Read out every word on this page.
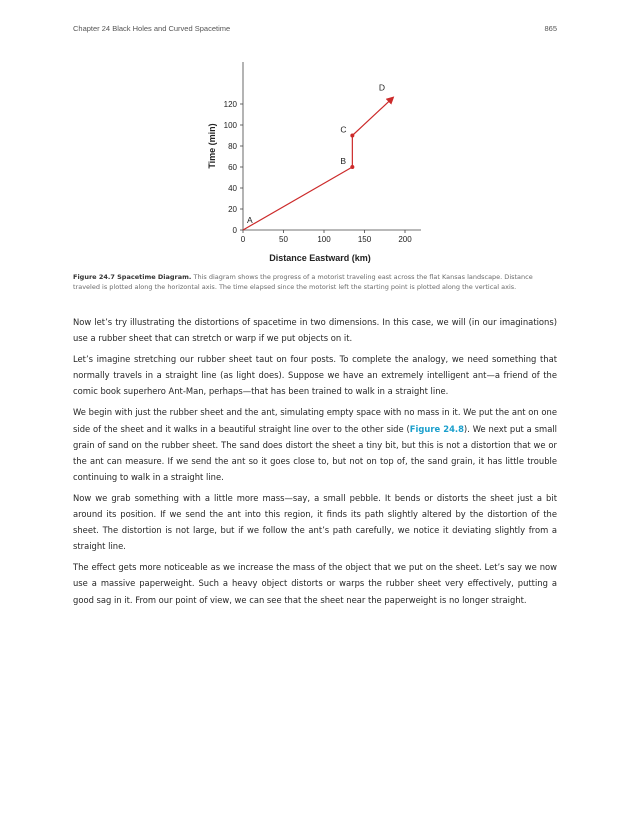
Chapter 24 Black Holes and Curved Spacetime	865
0	50	100	150	200
0
20
40
60
80
100
120
A
B
C
D
Distance Eastward (km)
Time (min)
Figure 24.7 Spacetime Diagram. This diagram shows the progress of a motorist traveling east across the flat Kansas landscape. Distance traveled is plotted along the horizontal axis. The time elapsed since the motorist left the starting point is plotted along the vertical axis.

Now let’s try illustrating the distortions of spacetime in two dimensions. In this case, we will (in our imaginations) use a rubber sheet that can stretch or warp if we put objects on it.

Let’s imagine stretching our rubber sheet taut on four posts. To complete the analogy, we need something that normally travels in a straight line (as light does). Suppose we have an extremely intelligent ant—a friend of the comic book superhero Ant-Man, perhaps—that has been trained to walk in a straight line.

We begin with just the rubber sheet and the ant, simulating empty space with no mass in it. We put the ant on one side of the sheet and it walks in a beautiful straight line over to the other side (Figure 24.8). We next put a small grain of sand on the rubber sheet. The sand does distort the sheet a tiny bit, but this is not a distortion that we or the ant can measure. If we send the ant so it goes close to, but not on top of, the sand grain, it has little trouble continuing to walk in a straight line.

Now we grab something with a little more mass—say, a small pebble. It bends or distorts the sheet just a bit around its position. If we send the ant into this region, it finds its path slightly altered by the distortion of the sheet. The distortion is not large, but if we follow the ant’s path carefully, we notice it deviating slightly from a straight line.

The effect gets more noticeable as we increase the mass of the object that we put on the sheet. Let’s say we now use a massive paperweight. Such a heavy object distorts or warps the rubber sheet very effectively, putting a good sag in it. From our point of view, we can see that the sheet near the paperweight is no longer straight.
